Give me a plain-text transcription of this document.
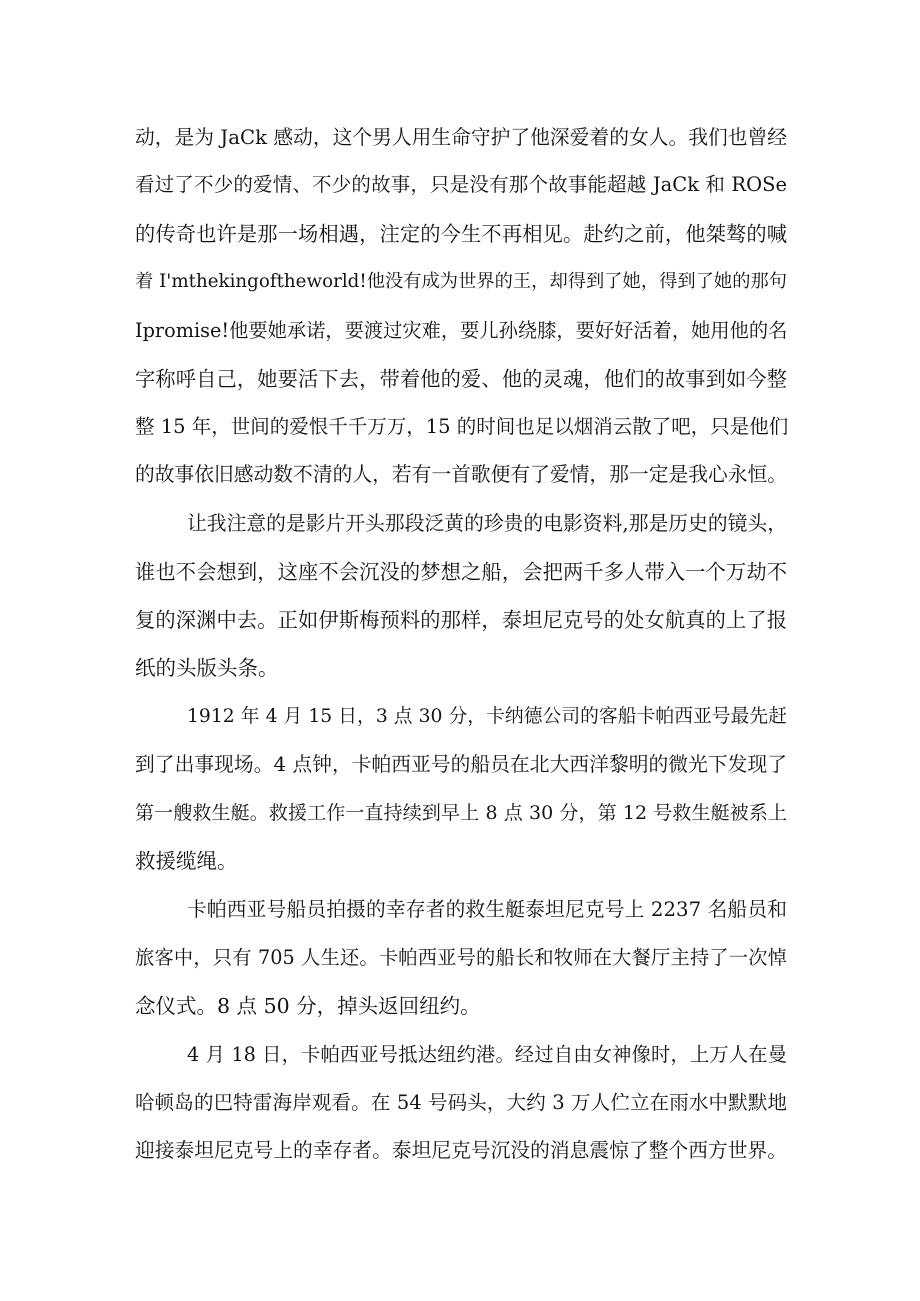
动，是为 JaCk 感动，这个男人用生命守护了他深爱着的女人。我们也曾经
看过了不少的爱情、不少的故事，只是没有那个故事能超越 JaCk 和 ROSe
的传奇也许是那一场相遇，注定的今生不再相见。赴约之前，他桀骜的喊
着 I'mthekingoftheworld!他没有成为世界的王，却得到了她，得到了她的那句
Ipromise!他要她承诺，要渡过灾难，要儿孙绕膝，要好好活着，她用他的名
字称呼自己，她要活下去，带着他的爱、他的灵魂，他们的故事到如今整
整 15 年，世间的爱恨千千万万，15 的时间也足以烟消云散了吧，只是他们
的故事依旧感动数不清的人，若有一首歌便有了爱情，那一定是我心永恒。
让我注意的是影片开头那段泛黄的珍贵的电影资料,那是历史的镜头，
谁也不会想到，这座不会沉没的梦想之船，会把两千多人带入一个万劫不
复的深渊中去。正如伊斯梅预料的那样，泰坦尼克号的处女航真的上了报
纸的头版头条。
1912 年 4 月 15 日，3 点 30 分，卡纳德公司的客船卡帕西亚号最先赶
到了出事现场。4 点钟，卡帕西亚号的船员在北大西洋黎明的微光下发现了
第一艘救生艇。救援工作一直持续到早上 8 点 30 分，第 12 号救生艇被系上
救援缆绳。
卡帕西亚号船员拍摄的幸存者的救生艇泰坦尼克号上 2237 名船员和
旅客中，只有 705 人生还。卡帕西亚号的船长和牧师在大餐厅主持了一次悼
念仪式。8 点 50 分，掉头返回纽约。
4 月 18 日，卡帕西亚号抵达纽约港。经过自由女神像时，上万人在曼
哈顿岛的巴特雷海岸观看。在 54 号码头，大约 3 万人伫立在雨水中默默地
迎接泰坦尼克号上的幸存者。泰坦尼克号沉没的消息震惊了整个西方世界。
